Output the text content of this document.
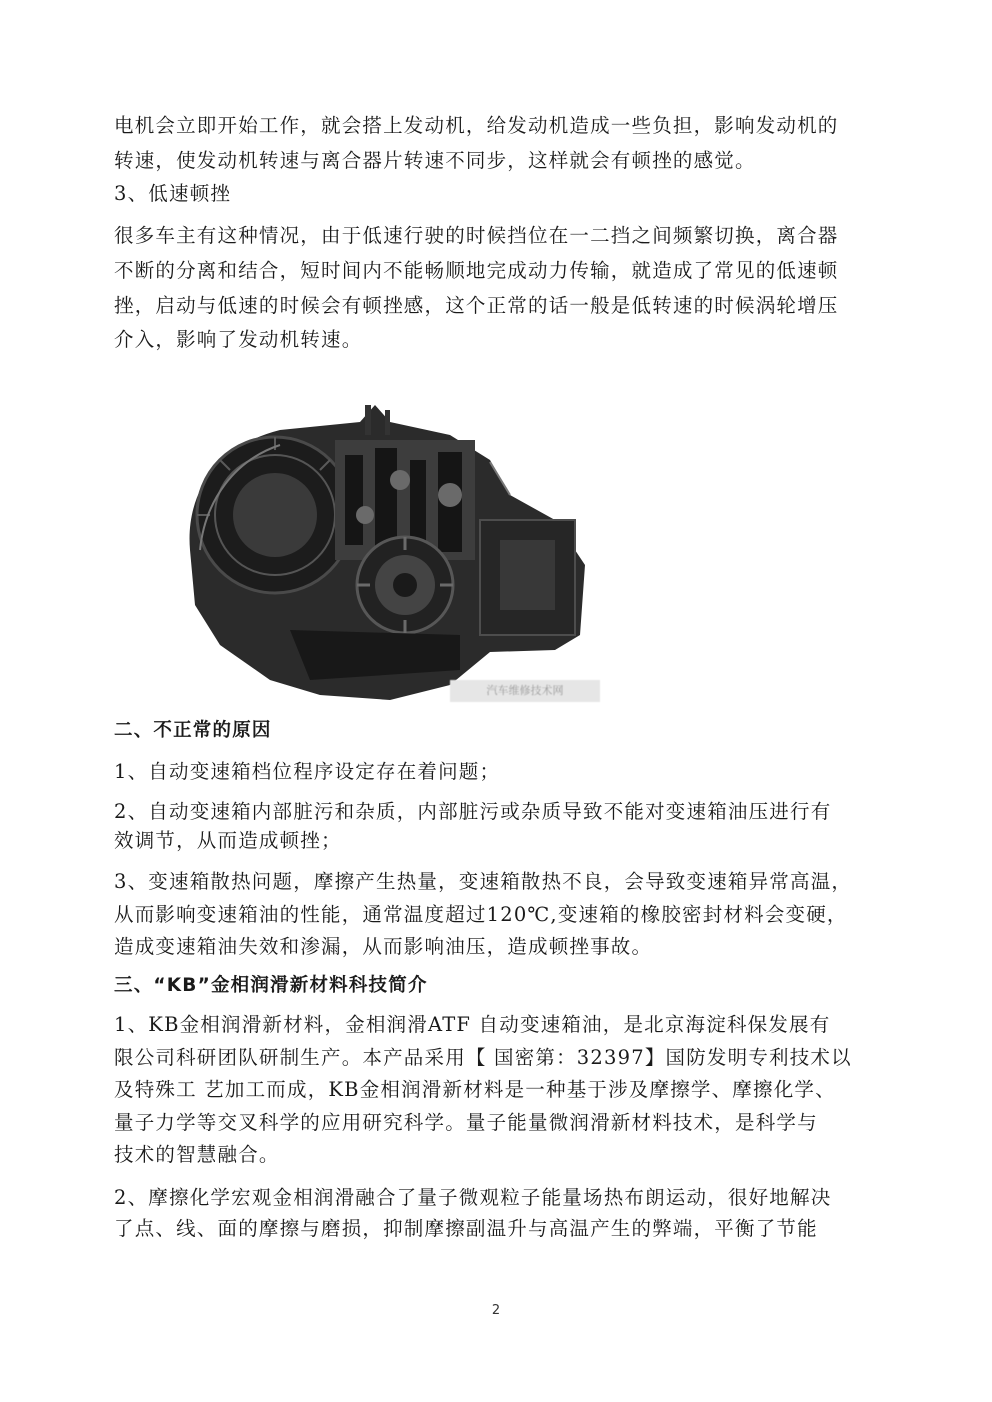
电机会立即开始工作，就会搭上发动机，给发动机造成一些负担，影响发动机的
转速，使发动机转速与离合器片转速不同步，这样就会有顿挫的感觉。
3、低速顿挫
很多车主有这种情况，由于低速行驶的时候挡位在一二挡之间频繁切换，离合器
不断的分离和结合，短时间内不能畅顺地完成动力传输，就造成了常见的低速顿
挫，启动与低速的时候会有顿挫感，这个正常的话一般是低转速的时候涡轮增压
介入，影响了发动机转速。
汽车维修技术网
二、不正常的原因
1、自动变速箱档位程序设定存在着问题；
2、自动变速箱内部脏污和杂质，内部脏污或杂质导致不能对变速箱油压进行有
效调节，从而造成顿挫；
3、变速箱散热问题，摩擦产生热量，变速箱散热不良，会导致变速箱异常高温，
从而影响变速箱油的性能，通常温度超过120℃,变速箱的橡胶密封材料会变硬，
造成变速箱油失效和渗漏，从而影响油压，造成顿挫事故。
三、“KB”金相润滑新材料科技简介
1、KB金相润滑新材料，金相润滑ATF 自动变速箱油，是北京海淀科保发展有
限公司科研团队研制生产。本产品采用【 国密第：32397】国防发明专利技术以
及特殊工 艺加工而成，KB金相润滑新材料是一种基于涉及摩擦学、摩擦化学、
量子力学等交叉科学的应用研究科学。量子能量微润滑新材料技术，是科学与
技术的智慧融合。
2、摩擦化学宏观金相润滑融合了量子微观粒子能量场热布朗运动，很好地解决
了点、线、面的摩擦与磨损，抑制摩擦副温升与高温产生的弊端，平衡了节能
2
